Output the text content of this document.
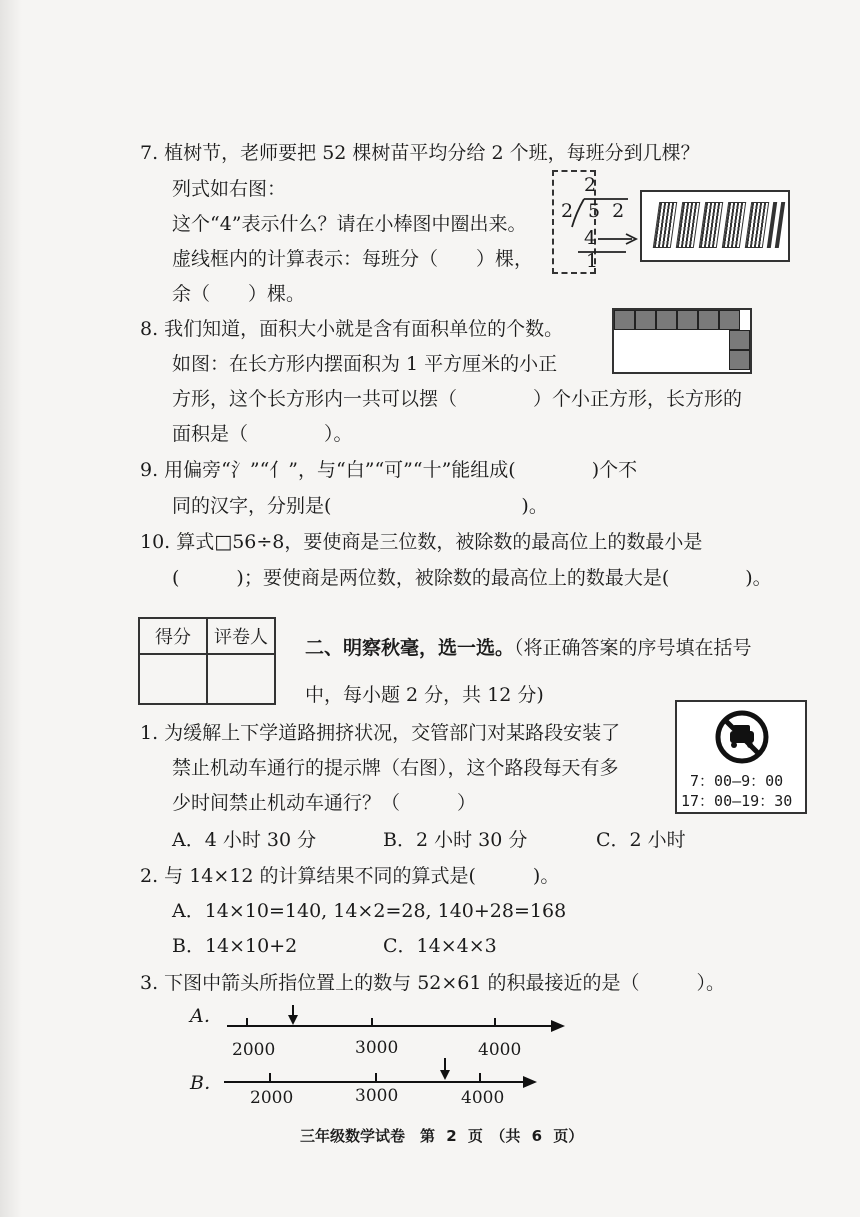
7. 植树节，老师要把 52 棵树苗平均分给 2 个班，每班分到几棵？
列式如右图：
这个“4”表示什么？请在小棒图中圈出来。
虚线框内的计算表示：每班分（　　）棵，
余（　　）棵。
2
2 5 2
4
1
8. 我们知道，面积大小就是含有面积单位的个数。
如图：在长方形内摆面积为 1 平方厘米的小正
方形，这个长方形内一共可以摆（　　　　）个小正方形，长方形的
面积是（　　　　）。
9. 用偏旁“氵”“亻”，与“白”“可”“十”能组成(　　　　)个不
同的汉字，分别是(　　　　　　　　　　)。
10. 算式□56÷8，要使商是三位数，被除数的最高位上的数最小是
(　　　)；要使商是两位数，被除数的最高位上的数最大是(　　　　)。
得分	评卷人
	二、明察秋毫，选一选。（将正确答案的序号填在括号
中，每小题 2 分，共 12 分)
1. 为缓解上下学道路拥挤状况，交管部门对某路段安装了
禁止机动车通行的提示牌（右图），这个路段每天有多
少时间禁止机动车通行？（　　　）
A．4 小时 30 分	B．2 小时 30 分	C．2 小时
7：00—9：00
17：00—19：30
2. 与 14×12 的计算结果不同的算式是(　　　)。
A．14×10=140, 14×2=28, 140+28=168
B．14×10+2	C．14×4×3
3. 下图中箭头所指位置上的数与 52×61 的积最接近的是（　　　）。
A．
2000	3000	4000
B．
2000	3000	4000
三年级数学试卷　第 2 页　（共 6 页）
